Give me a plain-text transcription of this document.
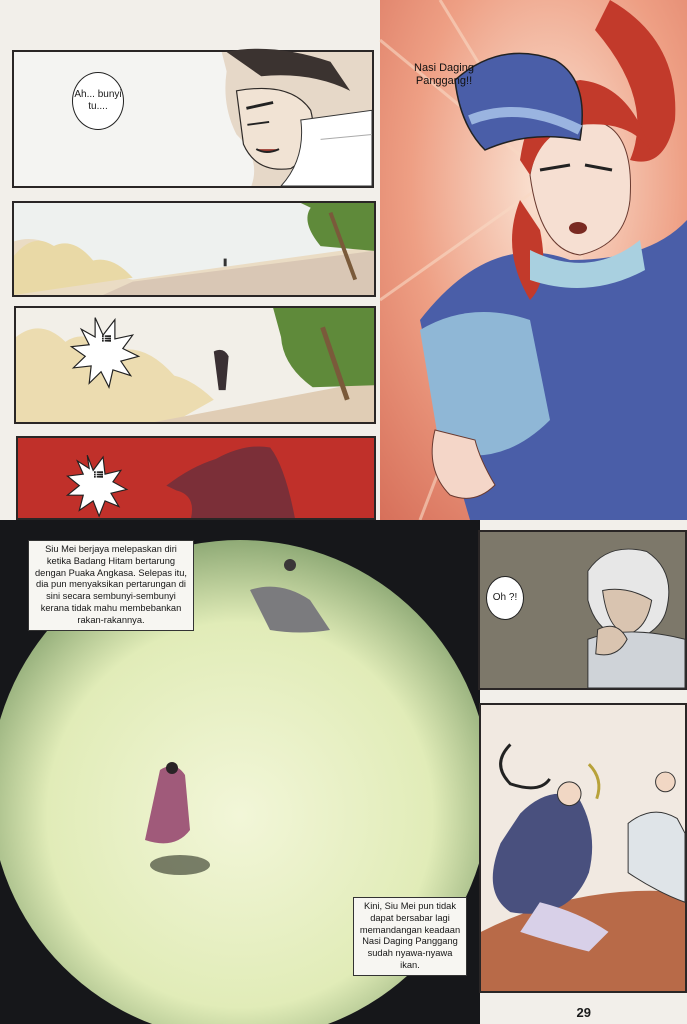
Ah... bunyi tu....
!!!
!!!
Nasi Daging Panggang!!
Siu Mei berjaya melepaskan diri ketika Badang Hitam bertarung dengan Puaka Angkasa. Selepas itu, dia pun menyaksikan pertarungan di sini secara sembunyi-sembunyi kerana tidak mahu membebankan rakan-rakannya.
Oh ?!
Kini, Siu Mei pun tidak dapat bersabar lagi memandangan keadaan Nasi Daging Panggang sudah nyawa-nyawa ikan.
29
